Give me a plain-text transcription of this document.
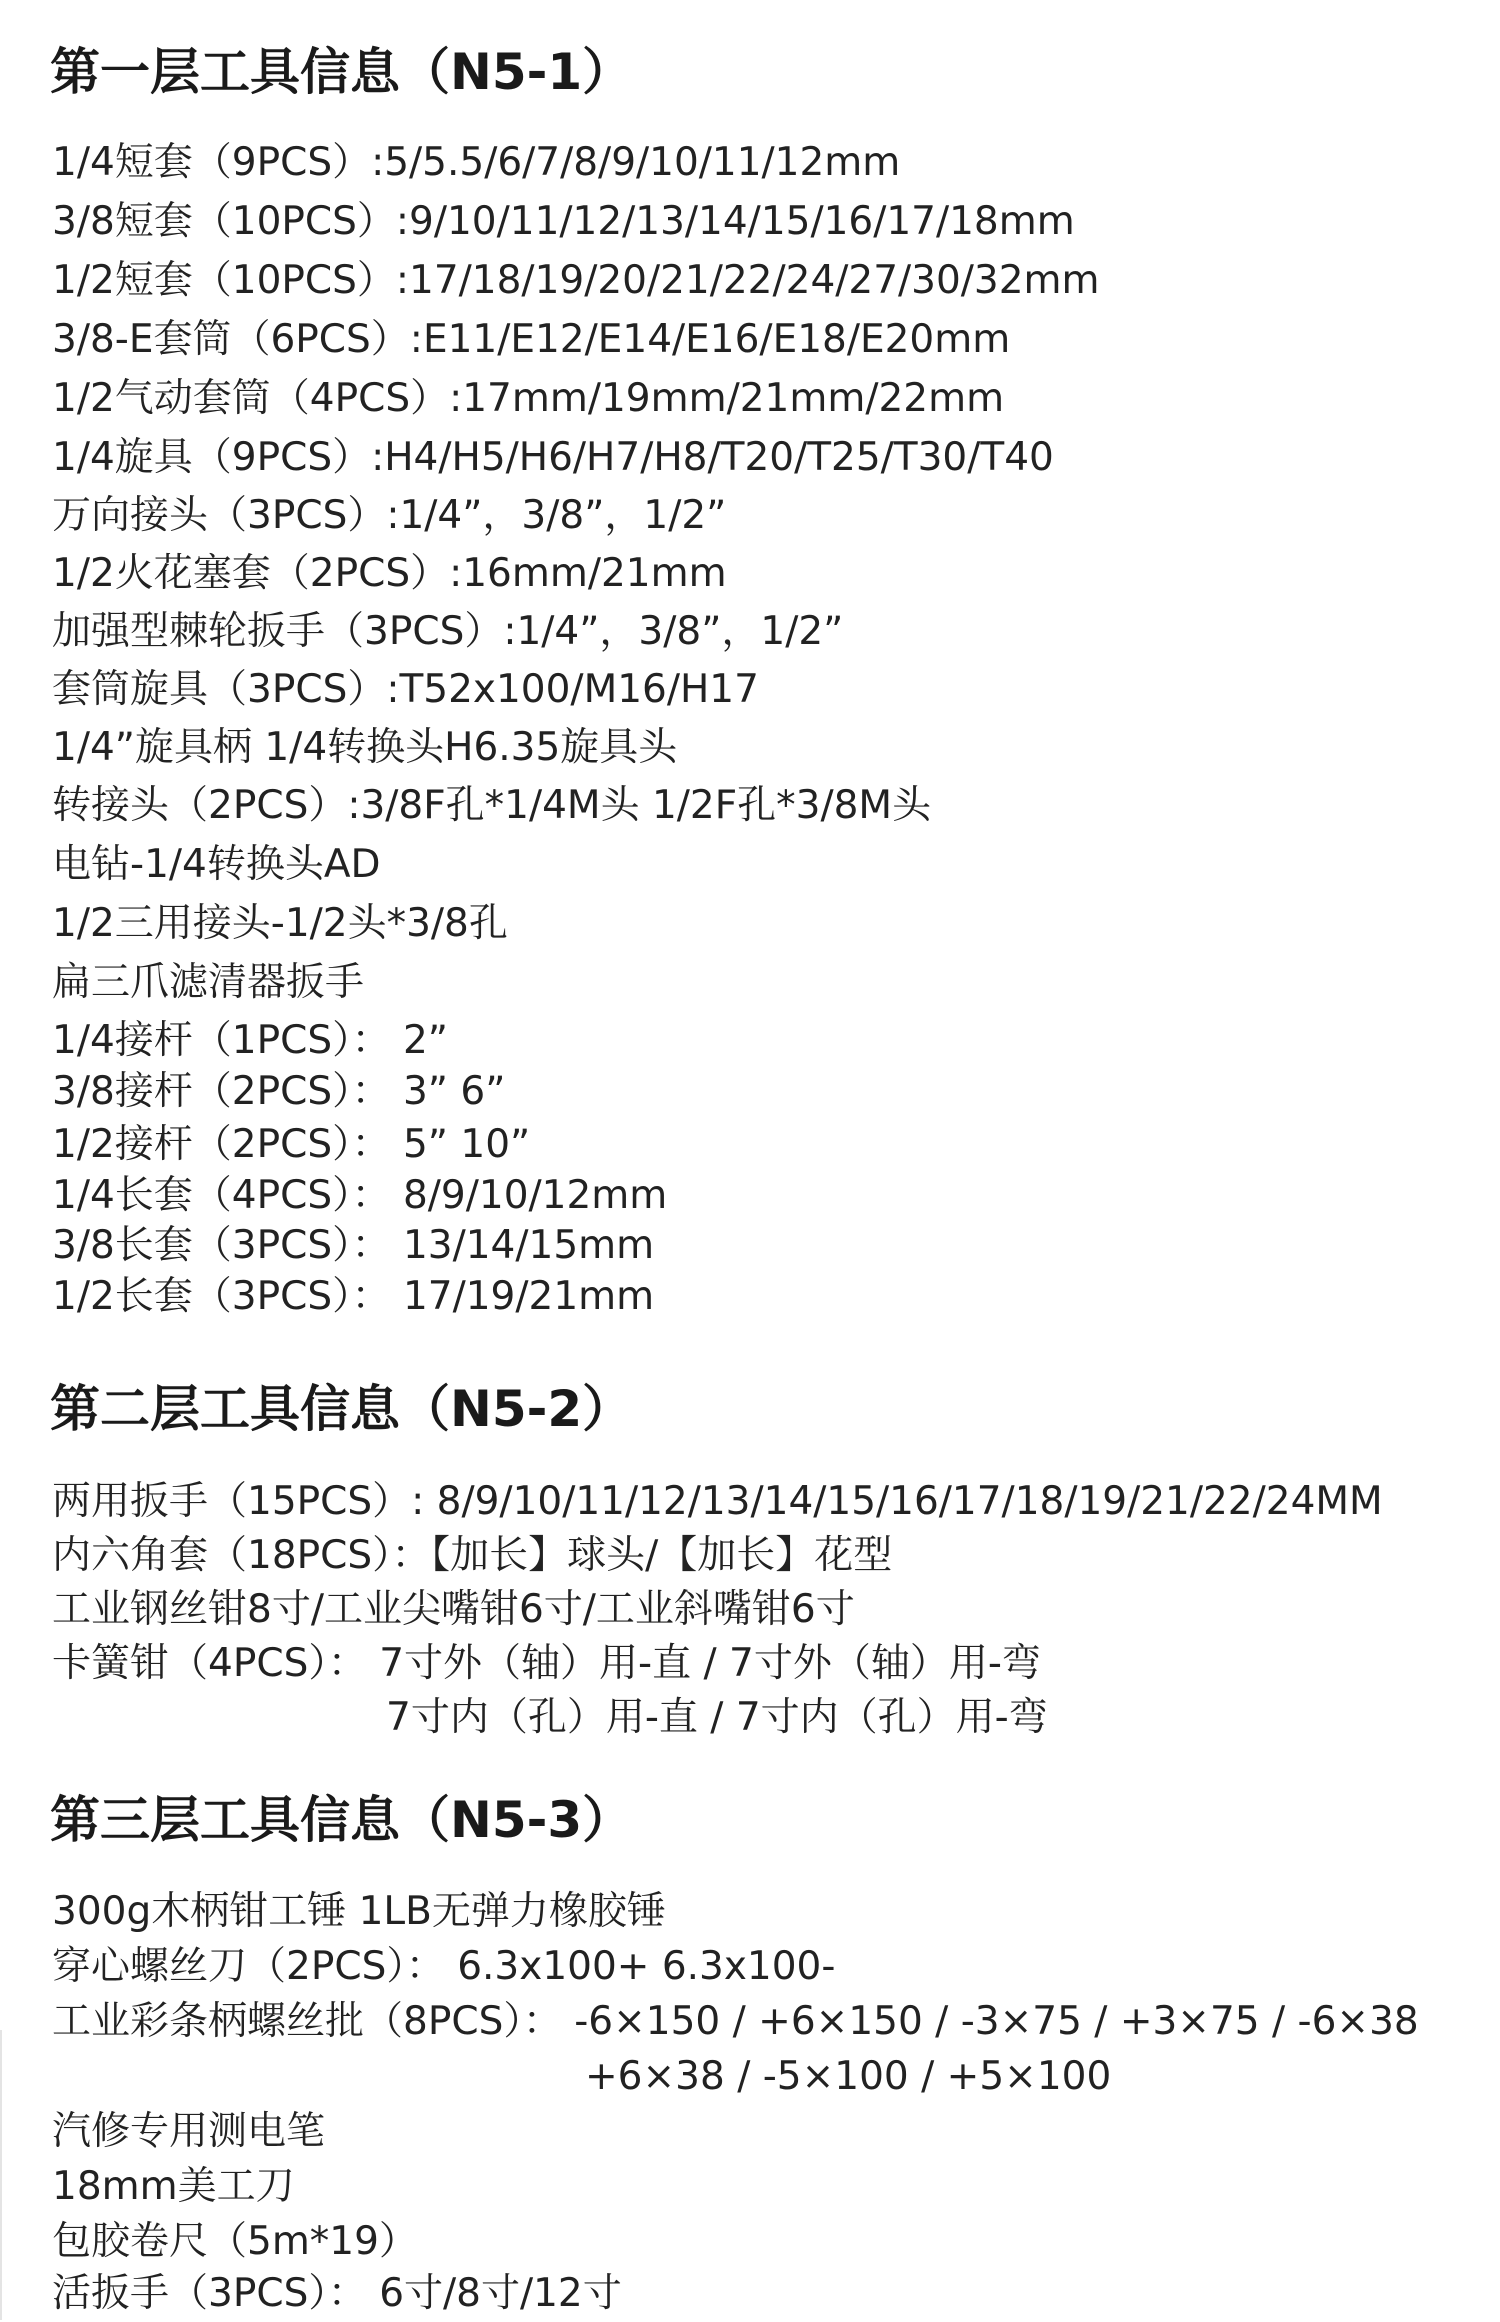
第一层工具信息（N5-1）
1/4短套（9PCS）:5/5.5/6/7/8/9/10/11/12mm
3/8短套（10PCS）:9/10/11/12/13/14/15/16/17/18mm
1/2短套（10PCS）:17/18/19/20/21/22/24/27/30/32mm
3/8-E套筒（6PCS）:E11/E12/E14/E16/E18/E20mm
1/2气动套筒（4PCS）:17mm/19mm/21mm/22mm
1/4旋具（9PCS）:H4/H5/H6/H7/H8/T20/T25/T30/T40
万向接头（3PCS）:1/4”，3/8”，1/2”
1/2火花塞套（2PCS）:16mm/21mm
加强型棘轮扳手（3PCS）:1/4”，3/8”，1/2”
套筒旋具（3PCS）:T52x100/M16/H17
1/4”旋具柄 1/4转换头H6.35旋具头
转接头（2PCS）:3/8F孔*1/4M头 1/2F孔*3/8M头
电钻-1/4转换头AD
1/2三用接头-1/2头*3/8孔
扁三爪滤清器扳手
1/4接杆（1PCS）： 2”
3/8接杆（2PCS）： 3” 6”
1/2接杆（2PCS）： 5” 10”
1/4长套（4PCS）： 8/9/10/12mm
3/8长套（3PCS）： 13/14/15mm
1/2长套（3PCS）： 17/19/21mm
第二层工具信息（N5-2）
两用扳手（15PCS）: 8/9/10/11/12/13/14/15/16/17/18/19/21/22/24MM
内六角套（18PCS）：【加长】球头/【加长】花型
工业钢丝钳8寸/工业尖嘴钳6寸/工业斜嘴钳6寸
卡簧钳（4PCS）： 7寸外（轴）用-直 / 7寸外（轴）用-弯
7寸内（孔）用-直 / 7寸内（孔）用-弯
第三层工具信息（N5-3）
300g木柄钳工锤 1LB无弹力橡胶锤
穿心螺丝刀（2PCS）： 6.3x100+ 6.3x100-
工业彩条柄螺丝批（8PCS）： -6×150 / +6×150 / -3×75 / +3×75 / -6×38
+6×38 / -5×100 / +5×100
汽修专用测电笔
18mm美工刀
包胶卷尺（5m*19）
活扳手（3PCS）： 6寸/8寸/12寸
